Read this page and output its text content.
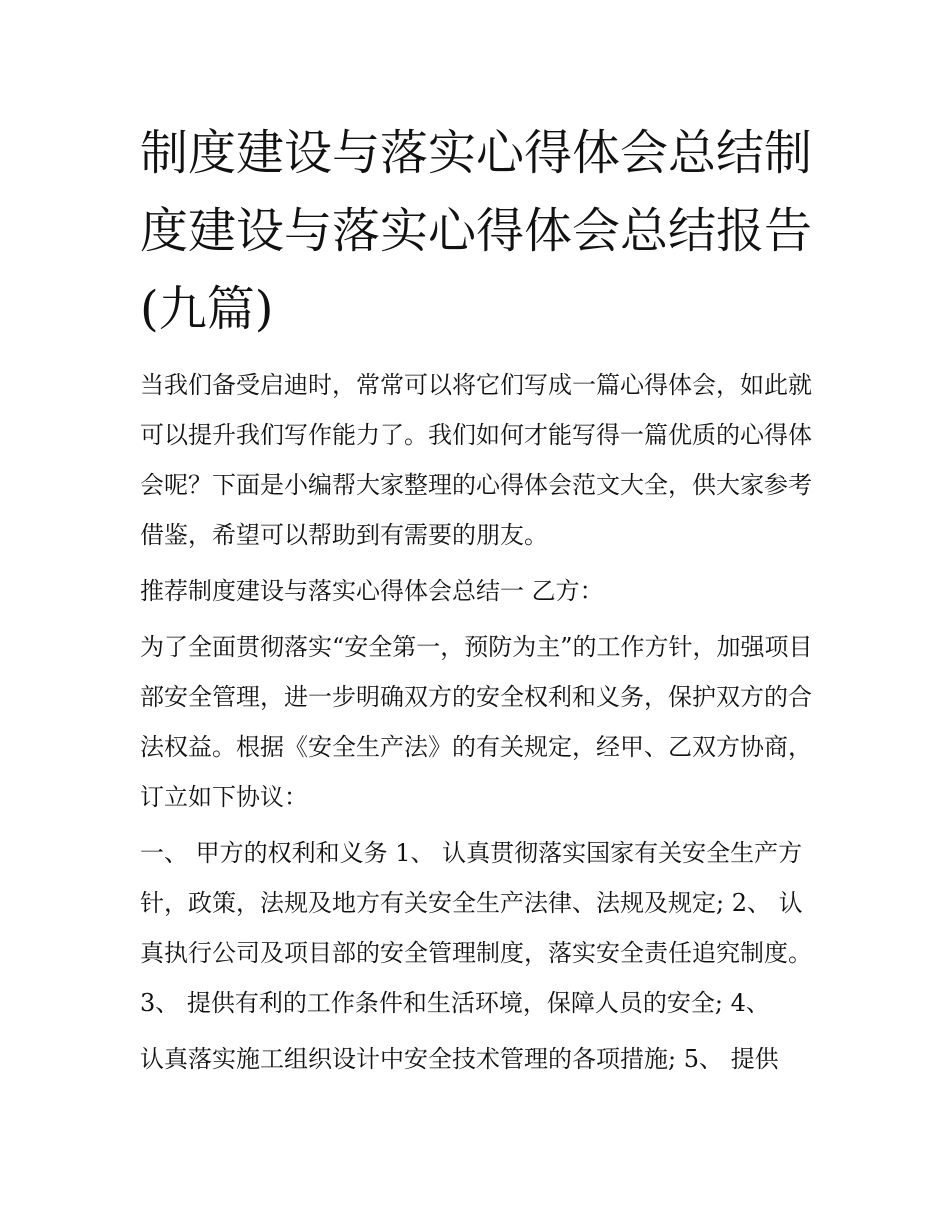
制度建设与落实心得体会总结制度建设与落实心得体会总结报告(九篇)

当我们备受启迪时，常常可以将它们写成一篇心得体会，如此就可以提升我们写作能力了。我们如何才能写得一篇优质的心得体会呢？下面是小编帮大家整理的心得体会范文大全，供大家参考借鉴，希望可以帮助到有需要的朋友。

推荐制度建设与落实心得体会总结一 乙方：

为了全面贯彻落实“安全第一，预防为主”的工作方针，加强项目部安全管理，进一步明确双方的安全权利和义务，保护双方的合法权益。根据《安全生产法》的有关规定，经甲、乙双方协商，订立如下协议：

一、 甲方的权利和义务 1、 认真贯彻落实国家有关安全生产方针，政策，法规及地方有关安全生产法律、法规及规定; 2、 认真执行公司及项目部的安全管理制度，落实安全责任追究制度。 3、 提供有利的工作条件和生活环境，保障人员的安全; 4、

认真落实施工组织设计中安全技术管理的各项措施; 5、 提供
